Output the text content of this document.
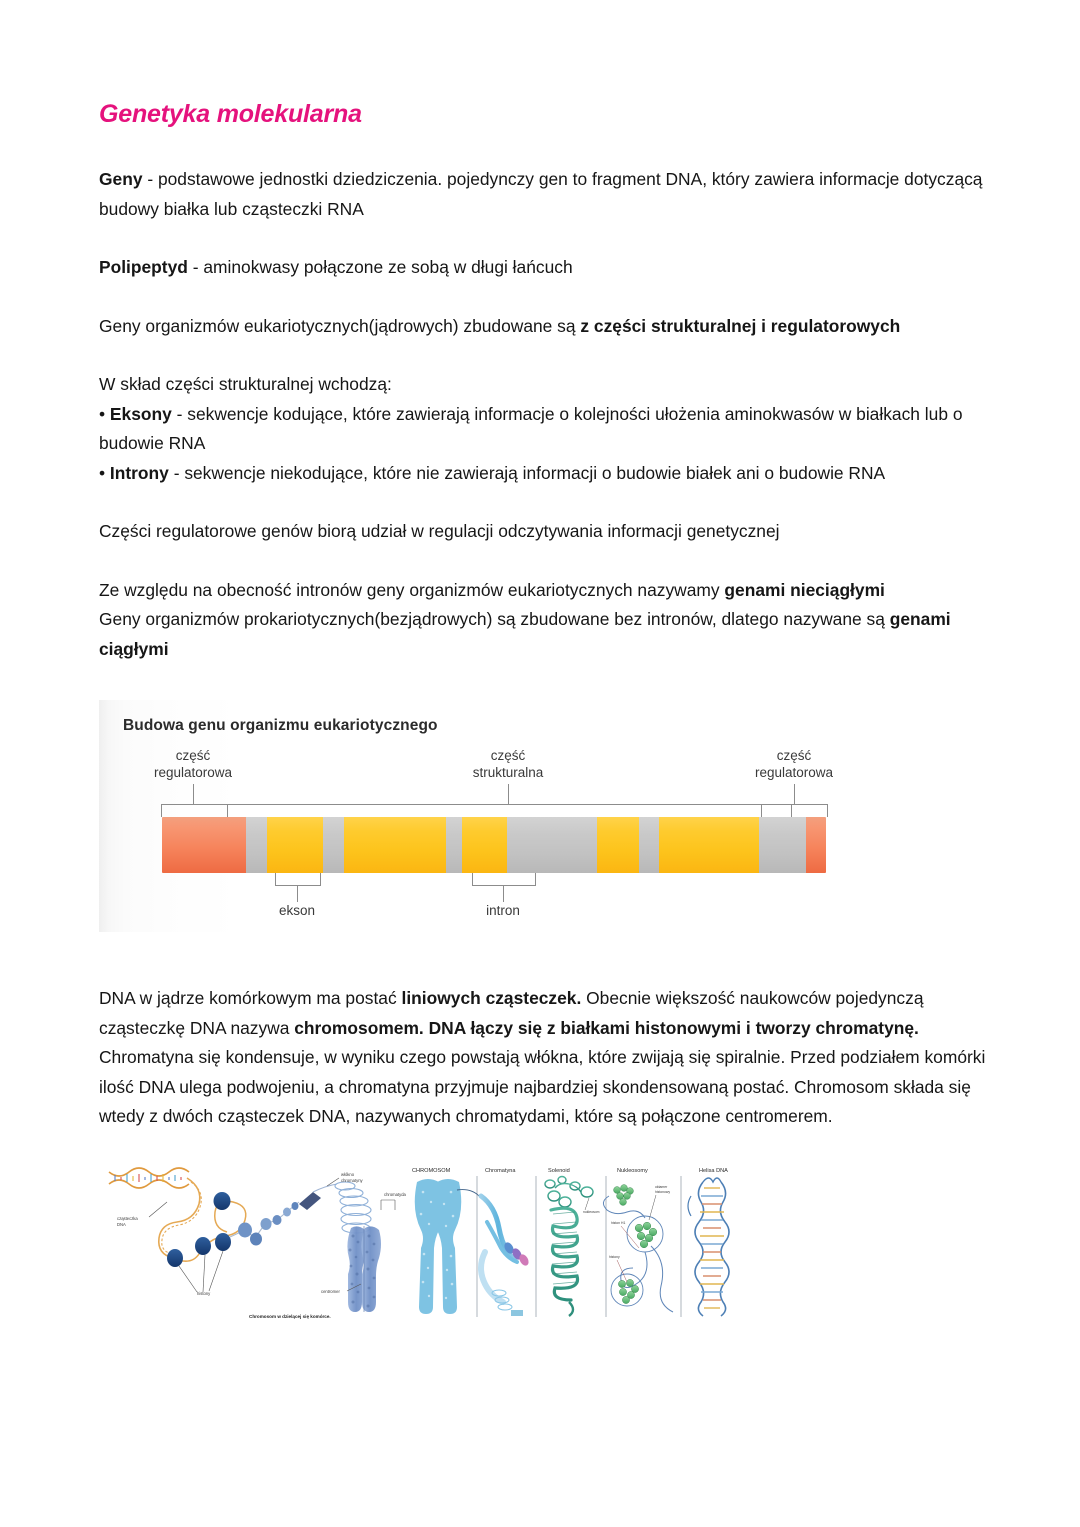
Genetyka molekularna

Geny - podstawowe jednostki dziedziczenia. pojedynczy gen to fragment DNA, który zawiera informacje dotyczącą budowy białka lub cząsteczki RNA

Polipeptyd - aminokwasy połączone ze sobą w długi łańcuch

Geny organizmów eukariotycznych(jądrowych) zbudowane są z części strukturalnej i regulatorowych

W skład części strukturalnej wchodzą:
• Eksony - sekwencje kodujące, które zawierają informacje o kolejności ułożenia aminokwasów w białkach lub o budowie RNA
• Introny - sekwencje niekodujące, które nie zawierają informacji o budowie białek ani o budowie RNA

Części regulatorowe genów biorą udział w regulacji odczytywania informacji genetycznej

Ze względu na obecność intronów geny organizmów eukariotycznych nazywamy genami nieciągłymi
Geny organizmów prokariotycznych(bezjądrowych) są zbudowane bez intronów, dlatego nazywane są genami ciągłymi

Budowa genu organizmu eukariotycznego
część
regulatorowa
część
strukturalna
część
regulatorowa
ekson	intron

DNA w jądrze komórkowym ma postać liniowych cząsteczek. Obecnie większość naukowców pojedynczą cząsteczkę DNA nazywa chromosomem. DNA łączy się z białkami histonowymi i tworzy chromatynę. Chromatyna się kondensuje, w wyniku czego powstają włókna, które zwijają się spiralnie. Przed podziałem komórki ilość DNA ulega podwojeniu, a chromatyna przyjmuje najbardziej skondensowaną postać. Chromosom składa się wtedy z dwóch cząsteczek DNA, nazywanych chromatydami, które są połączone centromerem.

cząsteczka
DNA
histony
włókno
chromatyny
chromatyda
centromer
Chromosom w dzielącej się komórce.
CHROMOSOM	Chromatyna	Solenoid	Nukleosomy	Helisa DNA
nukleosom
oktamer
histonowy
histon H1
histony
